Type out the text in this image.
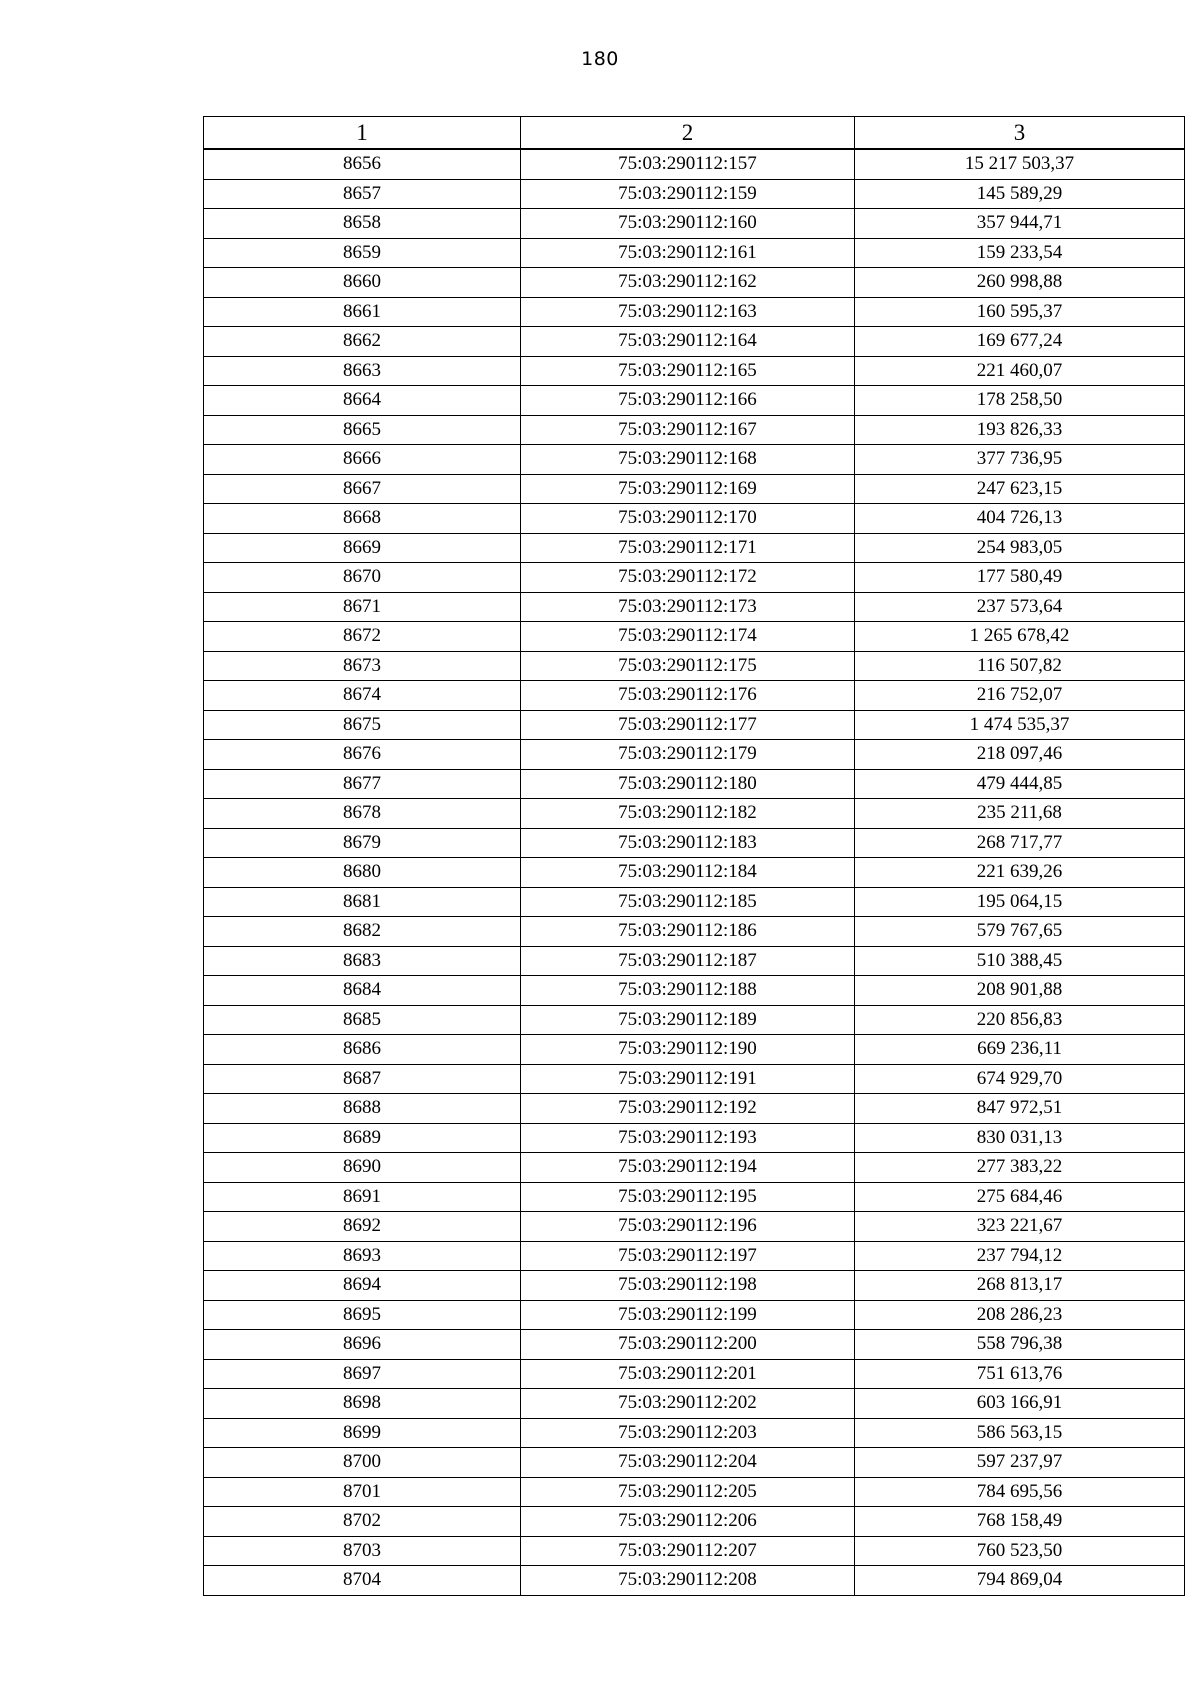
180
1	2	3
8656	75:03:290112:157	15 217 503,37
8657	75:03:290112:159	145 589,29
8658	75:03:290112:160	357 944,71
8659	75:03:290112:161	159 233,54
8660	75:03:290112:162	260 998,88
8661	75:03:290112:163	160 595,37
8662	75:03:290112:164	169 677,24
8663	75:03:290112:165	221 460,07
8664	75:03:290112:166	178 258,50
8665	75:03:290112:167	193 826,33
8666	75:03:290112:168	377 736,95
8667	75:03:290112:169	247 623,15
8668	75:03:290112:170	404 726,13
8669	75:03:290112:171	254 983,05
8670	75:03:290112:172	177 580,49
8671	75:03:290112:173	237 573,64
8672	75:03:290112:174	1 265 678,42
8673	75:03:290112:175	116 507,82
8674	75:03:290112:176	216 752,07
8675	75:03:290112:177	1 474 535,37
8676	75:03:290112:179	218 097,46
8677	75:03:290112:180	479 444,85
8678	75:03:290112:182	235 211,68
8679	75:03:290112:183	268 717,77
8680	75:03:290112:184	221 639,26
8681	75:03:290112:185	195 064,15
8682	75:03:290112:186	579 767,65
8683	75:03:290112:187	510 388,45
8684	75:03:290112:188	208 901,88
8685	75:03:290112:189	220 856,83
8686	75:03:290112:190	669 236,11
8687	75:03:290112:191	674 929,70
8688	75:03:290112:192	847 972,51
8689	75:03:290112:193	830 031,13
8690	75:03:290112:194	277 383,22
8691	75:03:290112:195	275 684,46
8692	75:03:290112:196	323 221,67
8693	75:03:290112:197	237 794,12
8694	75:03:290112:198	268 813,17
8695	75:03:290112:199	208 286,23
8696	75:03:290112:200	558 796,38
8697	75:03:290112:201	751 613,76
8698	75:03:290112:202	603 166,91
8699	75:03:290112:203	586 563,15
8700	75:03:290112:204	597 237,97
8701	75:03:290112:205	784 695,56
8702	75:03:290112:206	768 158,49
8703	75:03:290112:207	760 523,50
8704	75:03:290112:208	794 869,04
